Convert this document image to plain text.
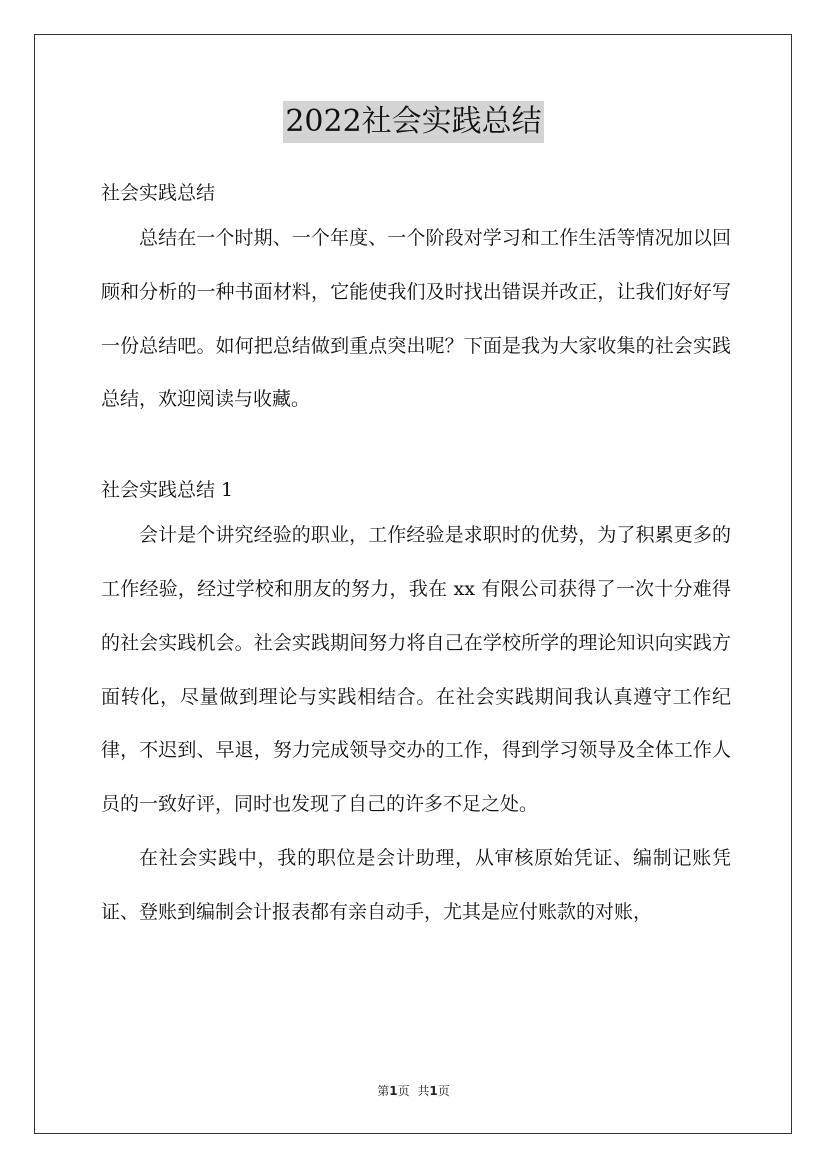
2022社会实践总结

社会实践总结

总结在一个时期、一个年度、一个阶段对学习和工作生活等情况加以回顾和分析的一种书面材料，它能使我们及时找出错误并改正，让我们好好写一份总结吧。如何把总结做到重点突出呢？下面是我为大家收集的社会实践总结，欢迎阅读与收藏。

社会实践总结 1

会计是个讲究经验的职业，工作经验是求职时的优势，为了积累更多的工作经验，经过学校和朋友的努力，我在 xx 有限公司获得了一次十分难得的社会实践机会。社会实践期间努力将自己在学校所学的理论知识向实践方面转化，尽量做到理论与实践相结合。在社会实践期间我认真遵守工作纪律，不迟到、早退，努力完成领导交办的工作，得到学习领导及全体工作人员的一致好评，同时也发现了自己的许多不足之处。

在社会实践中，我的职位是会计助理，从审核原始凭证、编制记账凭证、登账到编制会计报表都有亲自动手，尤其是应付账款的对账，

第1页 共1页
